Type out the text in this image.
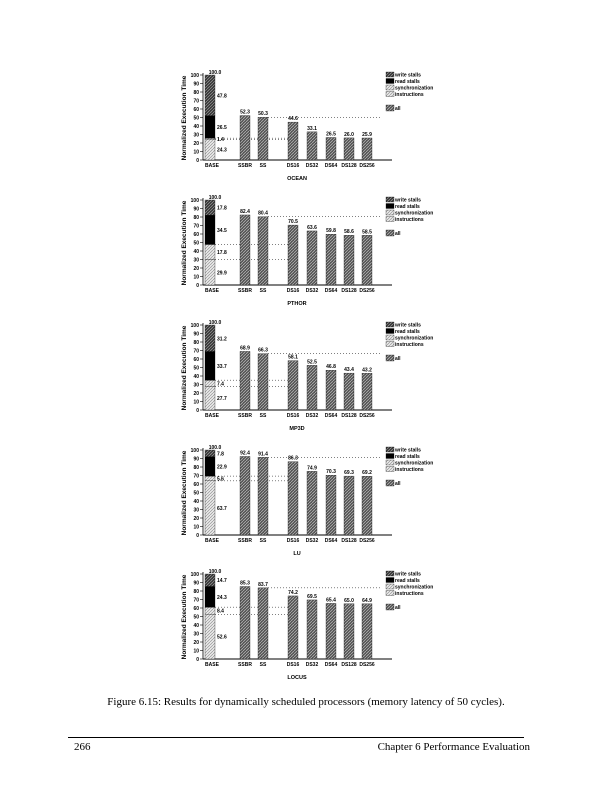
Normalized Execution Time
0
10
20
30
40
50
60
70
80
90
100
24.3
1.4
26.5
47.8
100.0
52.3 50.3
44.6
33.1
26.5 26.0 25.9
BASE	SSBR SS	DS16 DS32 DS64 DS128 DS256
OCEAN
write stalls
read stalls
synchronization
instructions
all
Normalized Execution Time
0
10
20
30
40
50
60
70
80
90
100
29.9
17.8
34.5
17.8
100.0
82.4 80.4
70.5
63.6
59.8 58.6 58.5
BASE	SSBR SS	DS16 DS32 DS64 DS128 DS256
PTHOR
write stalls
read stalls
synchronization
instructions
all
Normalized Execution Time
0
10
20
30
40
50
60
70
80
90
100
27.7
7.4
33.7
31.2
100.0
68.9 66.3
58.1
52.5
46.8 43.4 43.2
BASE	SSBR SS	DS16 DS32 DS64 DS128 DS256
MP3D
write stalls
read stalls
synchronization
instructions
all
Normalized Execution Time
0
10
20
30
40
50
60
70
80
90
100
63.7
5.6
22.9
7.8
100.0
92.4 91.4
86.3
74.9
70.3 69.3 69.2
BASE	SSBR SS	DS16 DS32 DS64 DS128 DS256
LU
write stalls
read stalls
synchronization
instructions
all
Normalized Execution Time
0
10
20
30
40
50
60
70
80
90
100
52.6
8.4
24.3
14.7
100.0
85.3 83.7
74.2
69.5
65.4 65.0 64.9
BASE	SSBR SS	DS16 DS32 DS64 DS128 DS256
LOCUS
write stalls
read stalls
synchronization
instructions
all
Figure 6.15: Results for dynamically scheduled processors (memory latency of 50 cycles).
266	Chapter 6 Performance Evaluation
